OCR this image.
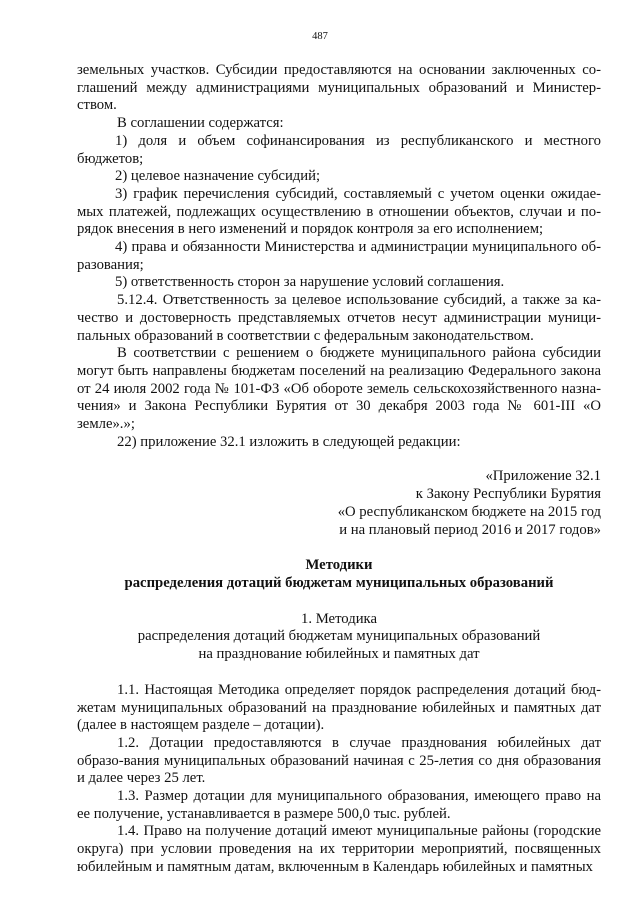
487

земельных участков. Субсидии предоставляются на основании заключенных со-глашений между администрациями муниципальных образований и Министер-ством.

В соглашении содержатся:

1) доля и объем софинансирования из республиканского и местного бюджетов;

2) целевое назначение субсидий;

3) график перечисления субсидий, составляемый с учетом оценки ожидае-мых платежей, подлежащих осуществлению в отношении объектов, случаи и по-рядок внесения в него изменений и порядок контроля за его исполнением;

4) права и обязанности Министерства и администрации муниципального об-разования;

5) ответственность сторон за нарушение условий соглашения.

5.12.4. Ответственность за целевое использование субсидий, а также за ка-чество и достоверность представляемых отчетов несут администрации муници-пальных образований в соответствии с федеральным законодательством.

В соответствии с решением о бюджете муниципального района субсидии могут быть направлены бюджетам поселений на реализацию Федерального закона от 24 июля 2002 года № 101-ФЗ «Об обороте земель сельскохозяйственного назна-чения» и Закона Республики Бурятия от 30 декабря 2003 года № 601-III «О земле».»;

22) приложение 32.1 изложить в следующей редакции:

«Приложение 32.1
к Закону Республики Бурятия
«О республиканском бюджете на 2015 год
и на плановый период 2016 и 2017 годов»
Методики
распределения дотаций бюджетам муниципальных образований
1. Методика
распределения дотаций бюджетам муниципальных образований
на празднование юбилейных и памятных дат

1.1. Настоящая Методика определяет порядок распределения дотаций бюд-жетам муниципальных образований на празднование юбилейных и памятных дат (далее в настоящем разделе – дотации).

1.2. Дотации предоставляются в случае празднования юбилейных дат образо-вания муниципальных образований начиная с 25-летия со дня образования и далее через 25 лет.

1.3. Размер дотации для муниципального образования, имеющего право на ее получение, устанавливается в размере 500,0 тыс. рублей.

1.4. Право на получение дотаций имеют муниципальные районы (городские округа) при условии проведения на их территории мероприятий, посвященных юбилейным и памятным датам, включенным в Календарь юбилейных и памятных
